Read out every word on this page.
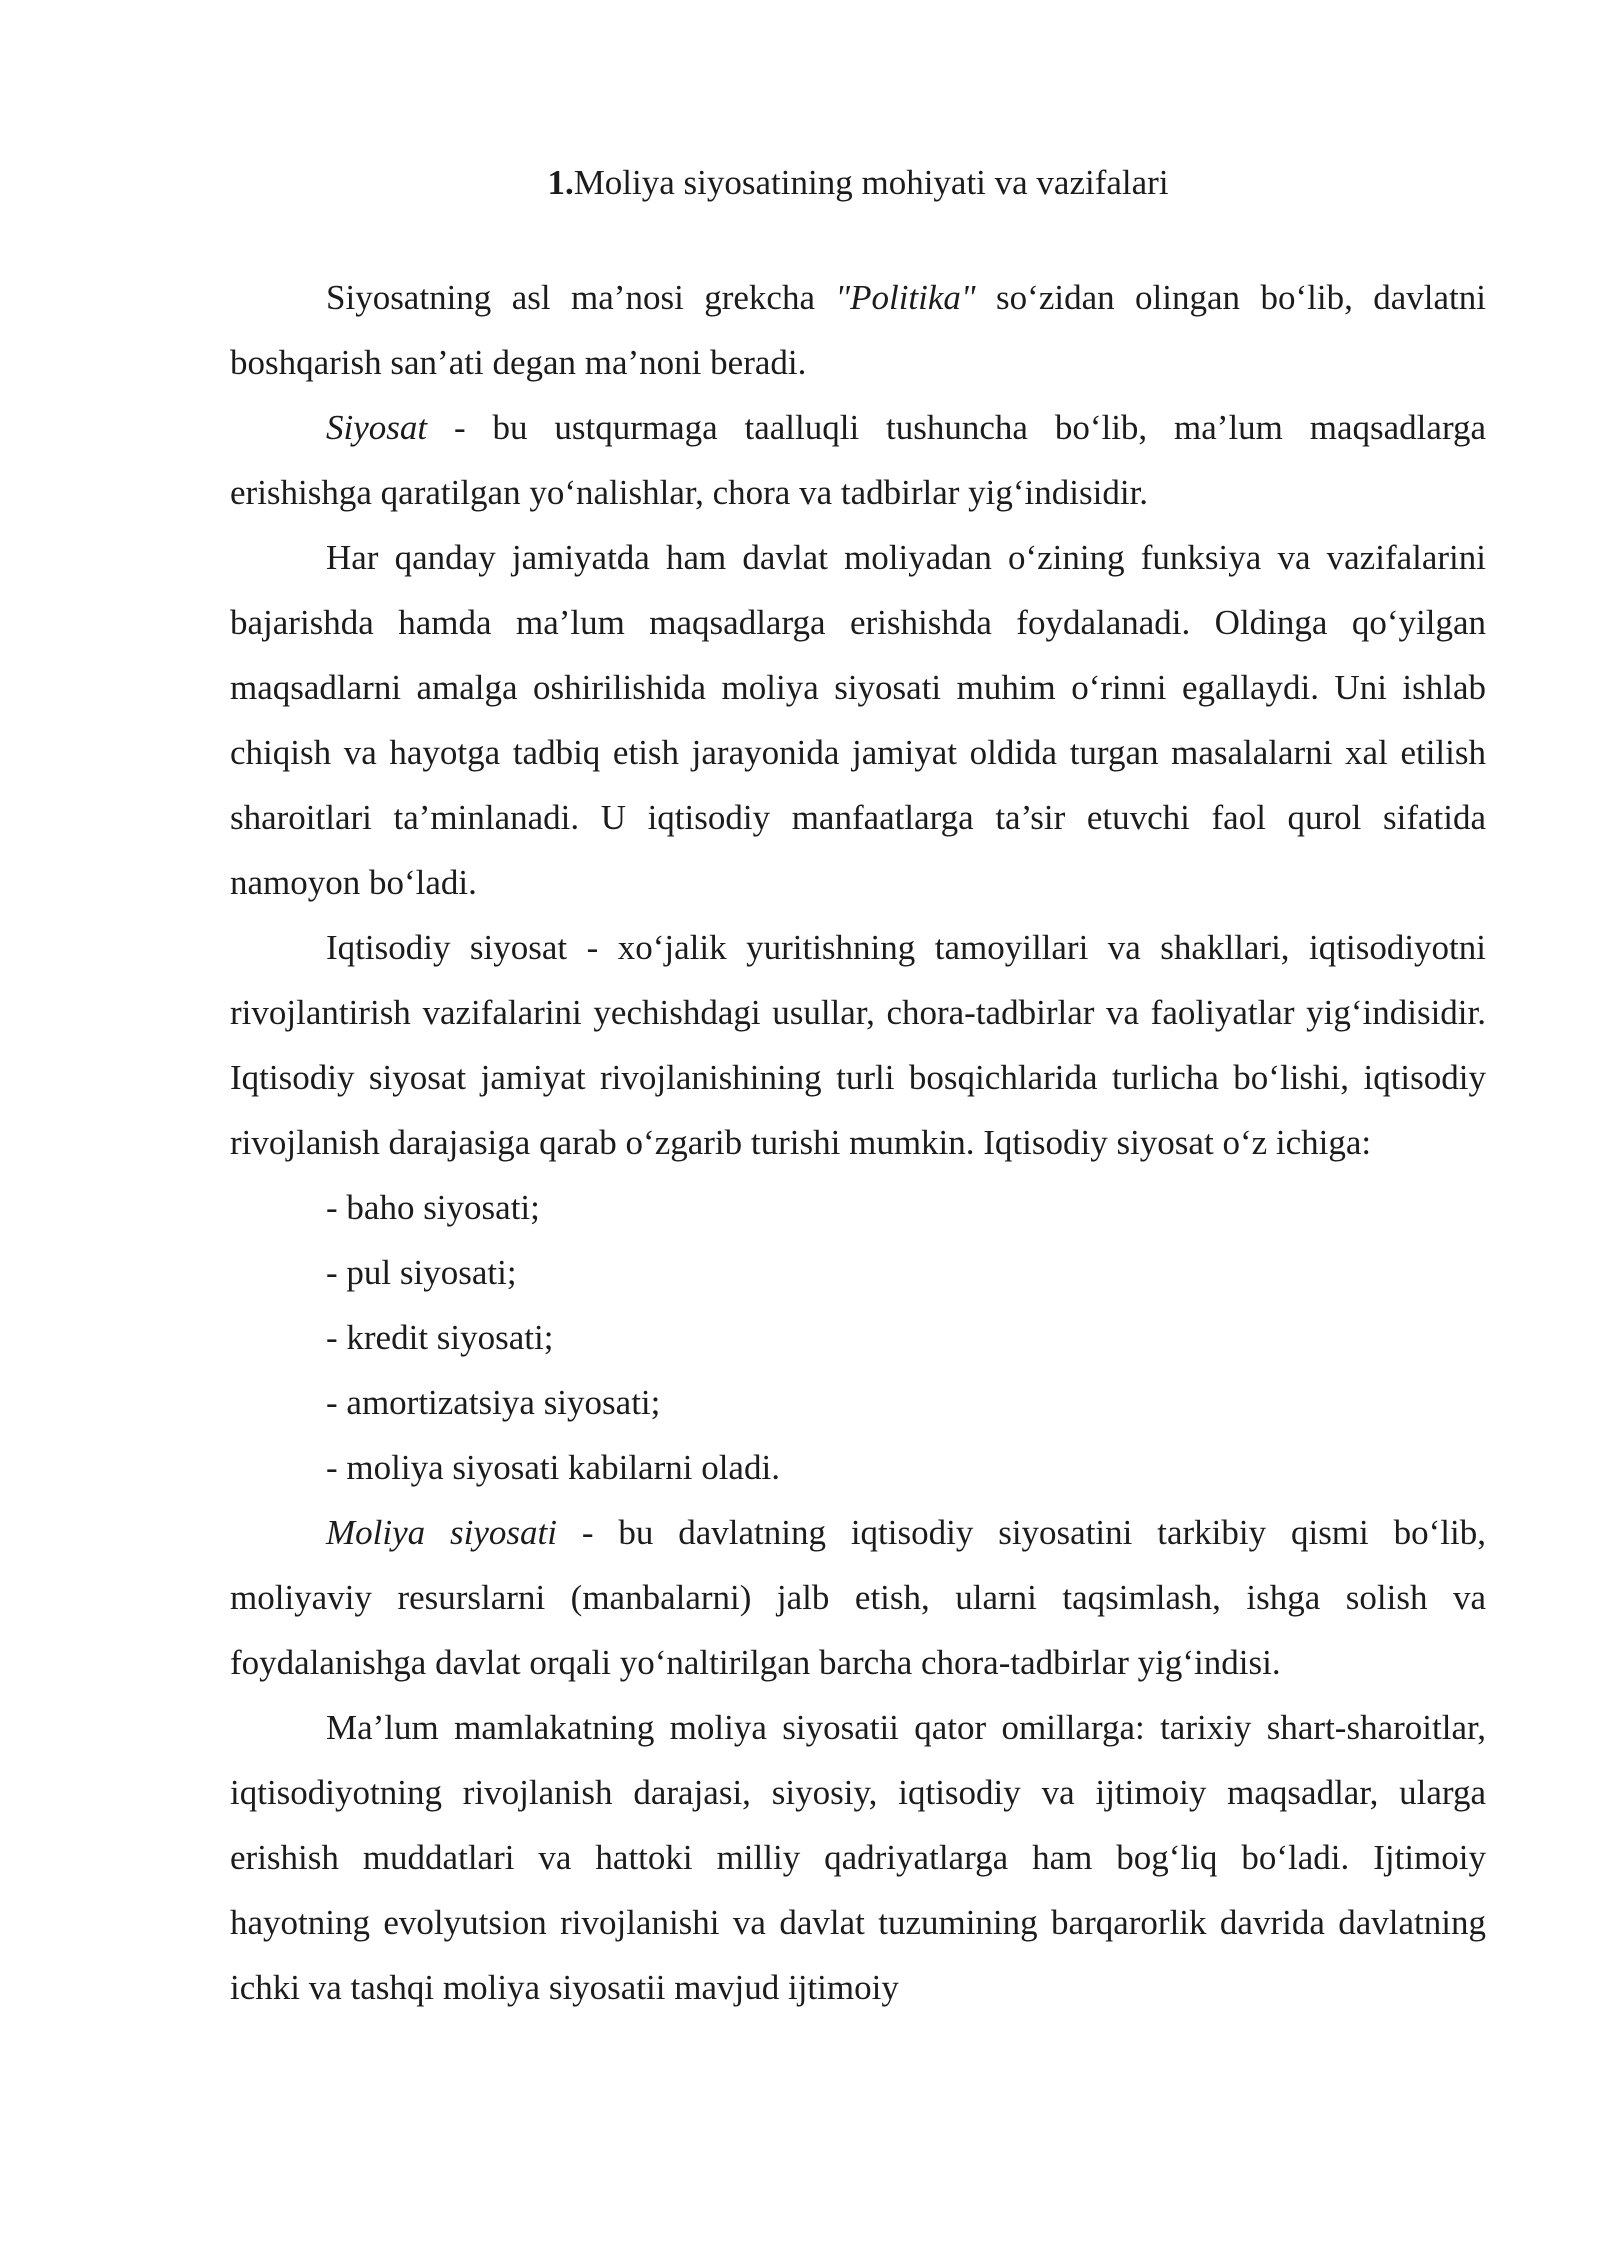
1.Moliya siyosatining mohiyati va vazifalari

Siyosatning asl ma’nosi grekcha "Politika" so‘zidan olingan bo‘lib, davlatni boshqarish san’ati degan ma’noni beradi.

Siyosat - bu ustqurmaga taalluqli tushuncha bo‘lib, ma’lum maqsadlarga erishishga qaratilgan yo‘nalishlar, chora va tadbirlar yig‘indisidir.

Har qanday jamiyatda ham davlat moliyadan o‘zining funksiya va vazifalarini bajarishda hamda ma’lum maqsadlarga erishishda foydalanadi. Oldinga qo‘yilgan maqsadlarni amalga oshirilishida moliya siyosati muhim o‘rinni egallaydi. Uni ishlab chiqish va hayotga tadbiq etish jarayonida jamiyat oldida turgan masalalarni xal etilish sharoitlari ta’minlanadi. U iqtisodiy manfaatlarga ta’sir etuvchi faol qurol sifatida namoyon bo‘ladi.

Iqtisodiy siyosat - xo‘jalik yuritishning tamoyillari va shakllari, iqtisodiyotni rivojlantirish vazifalarini yechishdagi usullar, chora-tadbirlar va faoliyatlar yig‘indisidir. Iqtisodiy siyosat jamiyat rivojlanishining turli bosqichlarida turlicha bo‘lishi, iqtisodiy rivojlanish darajasiga qarab o‘zgarib turishi mumkin. Iqtisodiy siyosat o‘z ichiga:

- baho siyosati;

- pul siyosati;

- kredit siyosati;

- amortizatsiya siyosati;

- moliya siyosati kabilarni oladi.

Moliya siyosati - bu davlatning iqtisodiy siyosatini tarkibiy qismi bo‘lib, moliyaviy resurslarni (manbalarni) jalb etish, ularni taqsimlash, ishga solish va foydalanishga davlat orqali yo‘naltirilgan barcha chora-tadbirlar yig‘indisi.

Ma’lum mamlakatning moliya siyosatii qator omillarga: tarixiy shart-sharoitlar, iqtisodiyotning rivojlanish darajasi, siyosiy, iqtisodiy va ijtimoiy maqsadlar, ularga erishish muddatlari va hattoki milliy qadriyatlarga ham bog‘liq bo‘ladi. Ijtimoiy hayotning evolyutsion rivojlanishi va davlat tuzumining barqarorlik davrida davlatning ichki va tashqi moliya siyosatii mavjud ijtimoiy
